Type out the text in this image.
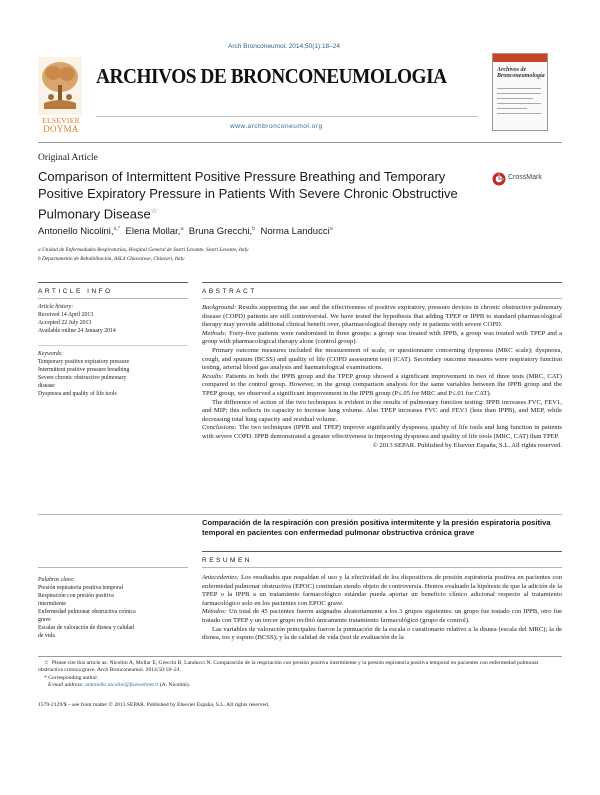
Arch Bronconeumol. 2014;50(1):18–24
ELSEVIER
DOYMA
ARCHIVOS DE BRONCONEUMOLOGIA
www.archbronconeumol.org
Archivos de Bronconeumología
Original Article
Comparison of Intermittent Positive Pressure Breathing and Temporary Positive Expiratory Pressure in Patients With Severe Chronic Obstructive Pulmonary Disease☆
CrossMark
Antonello Nicolini,$^{a,*}$ Elena Mollar,$^a$ Bruna Grecchi,$^b$ Norma Landucci$^a$
a Unidad de Enfermedades Respiratorias, Hospital General de Sestri Levante, Sestri Levante, Italy
b Departamento de Rehabilitación, ASL4 Chiavarese, Chiavari, Italy
ARTICLE INFO	ABSTRACT
Article history:
Received 14 April 2013
Accepted 22 July 2013
Available online 24 January 2014
Keywords:
Temporary positive expiratory pressure
Intermittent positive pressure breathing
Severe chronic obstructive pulmonary
disease
Dyspnoea and quality of life tools

Background: Results supporting the use and the effectiveness of positive expiratory, pressure devices in chronic obstructive pulmonary disease (COPD) patients are still controversial. We have tested the hypothesis that adding TPEP or IPPB to standard pharmacological therapy may provide additional clinical benefit over, pharmacological therapy only in patients with severe COPD.

Methods: Forty-five patients were randomised in three groups: a group was treated with IPPB, a group was treated with TPEP and a group with pharmacological therapy alone (control group).

Primary outcome measures included the measurement of scale, or questionnaire concerning dyspnoea (MRC scale); dyspnoea, cough, and sputum (BCSS) and quality of life (COPD assessment test) (CAT). Secondary outcome measures were respiratory function testing, arterial blood gas analysis and haematological examinations.

Results: Patients in both the IPPB group and the TPEP group showed a significant improvement in two of three tests (MRC, CAT) compared to the control group. However, in the group comparison analysis for the same variables between the IPPB group and the TPEP group, we observed a significant improvement in the IPPB group (P≤.05 for MRC and P≤.01 for CAT).

The difference of action of the two techniques is evident in the results of pulmonary function testing: IPPB increases FVC, FEV1, and MIP; this reflects its capacity to increase lung volume. Also TPEP increases FVC and FEV1 (less than IPPB), and MEP, while decreasing total lung capacity and residual volume.

Conclusions: The two techniques (IPPB and TPEP) improve significantly dyspnoea, quality of life tools and lung function in patients with severe COPD. IPPB demonstrated a greater effectiveness in improving dyspnoea and quality of life tools (MRC, CAT) than TPEP.

© 2013 SEPAR. Published by Elsevier España, S.L. All rights reserved.

Comparación de la respiración con presión positiva intermitente y la presión espiratoria positiva temporal en pacientes con enfermedad pulmonar obstructiva crónica grave
RESUMEN
Palabras clave:
Presión espiratoria positiva temporal
Respiración con presión positiva
intermitente
Enfermedad pulmonar obstructiva crónica
grave
Escalas de valoración de disnea y calidad
de vida

Antecedentes: Los resultados que respaldan el uso y la efectividad de los dispositivos de presión espiratoria positiva en pacientes con enfermedad pulmonar obstructiva (EPOC) continúan siendo objeto de controversia. Hemos evaluado la hipótesis de que la adición de la TPEP o la IPPB a un tratamiento farmacológico estándar pueda aportar un beneficio clínico adicional respecto al tratamiento farmacológico solo en los pacientes con EPOC grave.

Métodos: Un total de 45 pacientes fueron asignados aleatoriamente a los 3 grupos siguientes: un grupo fue tratado con IPPB, otro fue tratado con TPEP y un tercer grupo recibió únicamente tratamiento farmacológico (grupo de control).

Las variables de valoración principales fueron la puntuación de la escala o cuestionario relativo a la disnea (escala del MRC); la de disnea, tos y esputo (BCSS); y la de calidad de vida (test de evaluación de la

☆ Please cite this article as: Nicolini A, Mollar E, Grecchi B, Landucci N. Comparación de la respiración con presión positiva intermitente y la presión espiratoria positiva temporal en pacientes con enfermedad pulmonar obstructiva crónica grave. Arch Bronconeumol. 2014;50:18–24.
* Corresponding author.
E-mail address: antonello.nicolini@fastwebnet.it (A. Nicolini).
1579-2129/$ – see front matter © 2013 SEPAR. Published by Elsevier España, S.L. All rights reserved.
